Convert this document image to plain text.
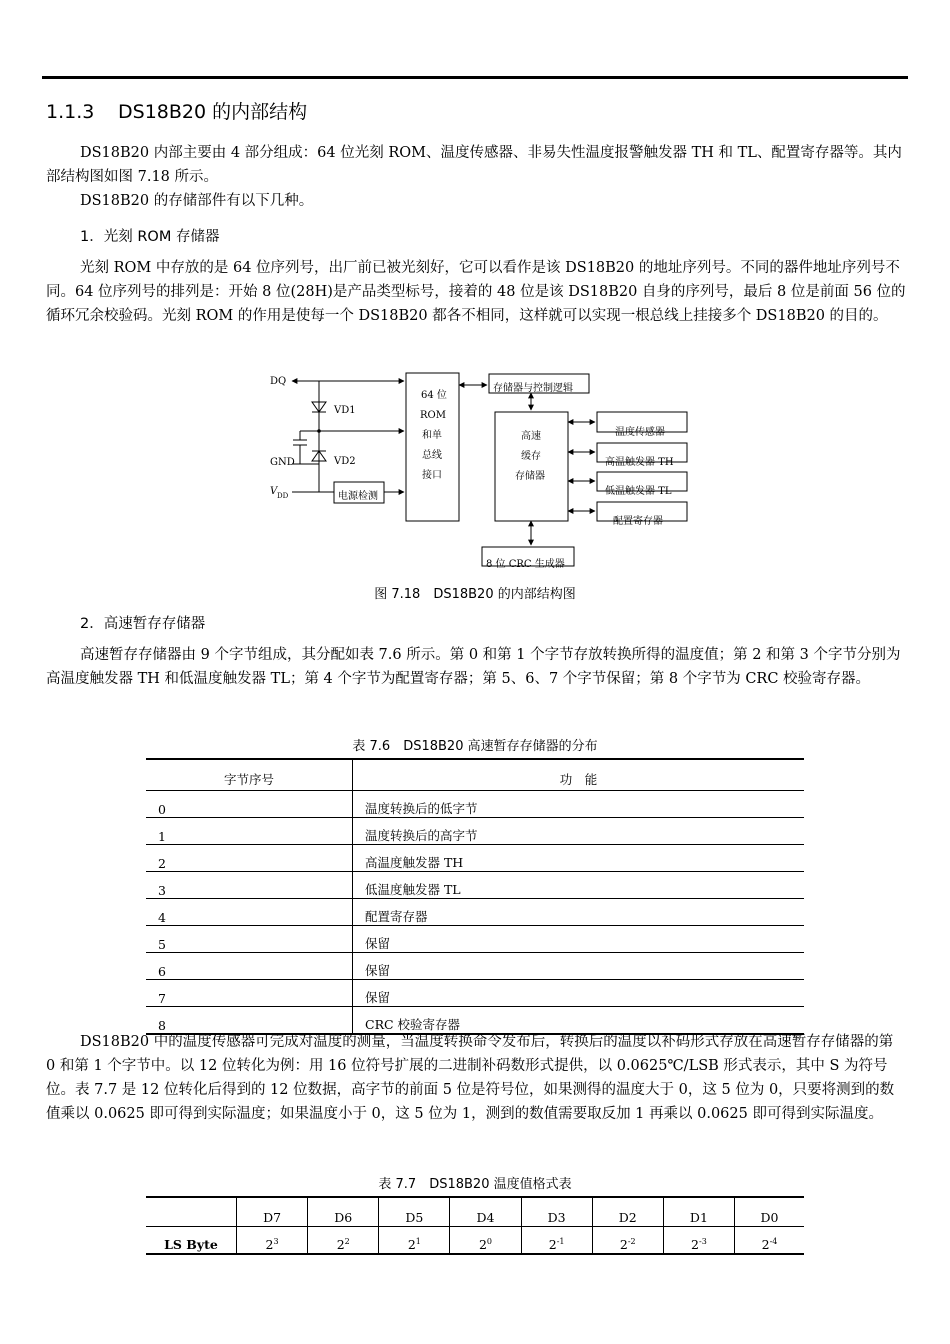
1.1.3 DS18B20 的内部结构
DS18B20 内部主要由 4 部分组成：64 位光刻 ROM、温度传感器、非易失性温度报警触发器 TH 和 TL、配置寄存器等。其内部结构图如图 7.18 所示。
DS18B20 的存储部件有以下几种。
1．光刻 ROM 存储器
光刻 ROM 中存放的是 64 位序列号，出厂前已被光刻好，它可以看作是该 DS18B20 的地址序列号。不同的器件地址序列号不同。64 位序列号的排列是：开始 8 位(28H)是产品类型标号，接着的 48 位是该 DS18B20 自身的序列号，最后 8 位是前面 56 位的循环冗余校验码。光刻 ROM 的作用是使每一个 DS18B20 都各不相同，这样就可以实现一根总线上挂接多个 DS18B20 的目的。
DQ
VD1
VD2
GND
V DD	电源检测
64 位
ROM
和单
总线
接口
存储器与控制逻辑
高速
缓存
存储器
温度传感器
高温触发器 TH
低温触发器 TL
配置寄存器
8 位 CRC 生成器
图 7.18　DS18B20 的内部结构图
2．高速暂存存储器
高速暂存存储器由 9 个字节组成，其分配如表 7.6 所示。第 0 和第 1 个字节存放转换所得的温度值；第 2 和第 3 个字节分别为高温度触发器 TH 和低温度触发器 TL；第 4 个字节为配置寄存器；第 5、6、7 个字节保留；第 8 个字节为 CRC 校验寄存器。
表 7.6　DS18B20 高速暂存存储器的分布
字节序号	功　能
0	温度转换后的低字节
1	温度转换后的高字节
2	高温度触发器 TH
3	低温度触发器 TL
4	配置寄存器
5	保留
6	保留
7	保留
8	CRC 校验寄存器
DS18B20 中的温度传感器可完成对温度的测量，当温度转换命令发布后，转换后的温度以补码形式存放在高速暂存存储器的第 0 和第 1 个字节中。以 12 位转化为例：用 16 位符号扩展的二进制补码数形式提供，以 0.0625℃/LSB 形式表示，其中 S 为符号位。表 7.7 是 12 位转化后得到的 12 位数据，高字节的前面 5 位是符号位，如果测得的温度大于 0，这 5 位为 0，只要将测到的数值乘以 0.0625 即可得到实际温度；如果温度小于 0，这 5 位为 1，测到的数值需要取反加 1 再乘以 0.0625 即可得到实际温度。
表 7.7　DS18B20 温度值格式表
	D7	D6	D5	D4	D3	D2	D1	D0
LS Byte	$2^3$	$2^2$	$2^1$	$2^0$	$2^{-1}$	$2^{-2}$	$2^{-3}$	$2^{-4}$
